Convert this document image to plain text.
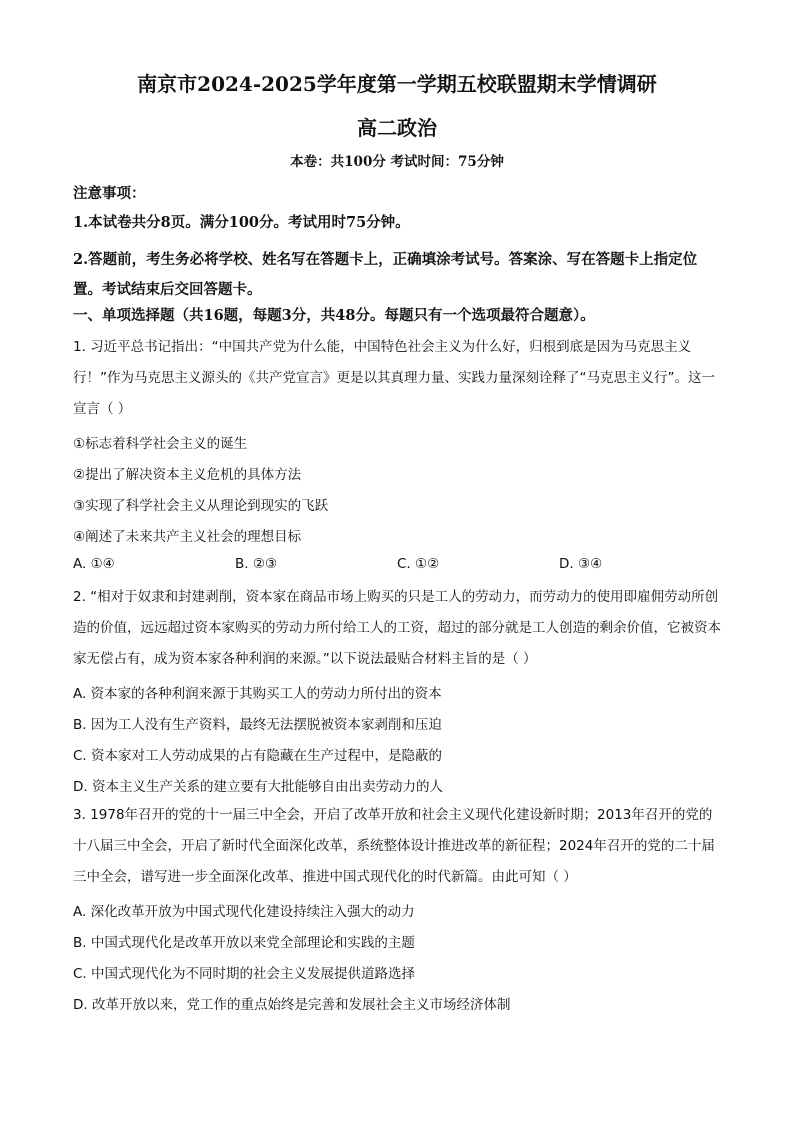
南京市2024-2025学年度第一学期五校联盟期末学情调研
高二政治
本卷：共100分 考试时间：75分钟
注意事项：
1.本试卷共分8页。满分100分。考试用时75分钟。
2.答题前，考生务必将学校、姓名写在答题卡上，正确填涂考试号。答案涂、写在答题卡上指定位置。考试结束后交回答题卡。
一、单项选择题（共16题，每题3分，共48分。每题只有一个选项最符合题意）。
1. 习近平总书记指出：“中国共产党为什么能，中国特色社会主义为什么好，归根到底是因为马克思主义行！”作为马克思主义源头的《共产党宣言》更是以其真理力量、实践力量深刻诠释了“马克思主义行”。这一宣言（ ）
①标志着科学社会主义的诞生
②提出了解决资本主义危机的具体方法
③实现了科学社会主义从理论到现实的飞跃
④阐述了未来共产主义社会的理想目标
A. ①④	B. ②③	C. ①②	D. ③④
2. “相对于奴隶和封建剥削，资本家在商品市场上购买的只是工人的劳动力，而劳动力的使用即雇佣劳动所创造的价值，远远超过资本家购买的劳动力所付给工人的工资，超过的部分就是工人创造的剩余价值，它被资本家无偿占有，成为资本家各种利润的来源。”以下说法最贴合材料主旨的是（ ）
A. 资本家的各种利润来源于其购买工人的劳动力所付出的资本
B. 因为工人没有生产资料，最终无法摆脱被资本家剥削和压迫
C. 资本家对工人劳动成果的占有隐藏在生产过程中，是隐蔽的
D. 资本主义生产关系的建立要有大批能够自由出卖劳动力的人
3. 1978年召开的党的十一届三中全会，开启了改革开放和社会主义现代化建设新时期；2013年召开的党的十八届三中全会，开启了新时代全面深化改革，系统整体设计推进改革的新征程；2024年召开的党的二十届三中全会，谱写进一步全面深化改革、推进中国式现代化的时代新篇。由此可知（ ）
A. 深化改革开放为中国式现代化建设持续注入强大的动力
B. 中国式现代化是改革开放以来党全部理论和实践的主题
C. 中国式现代化为不同时期的社会主义发展提供道路选择
D. 改革开放以来，党工作的重点始终是完善和发展社会主义市场经济体制
